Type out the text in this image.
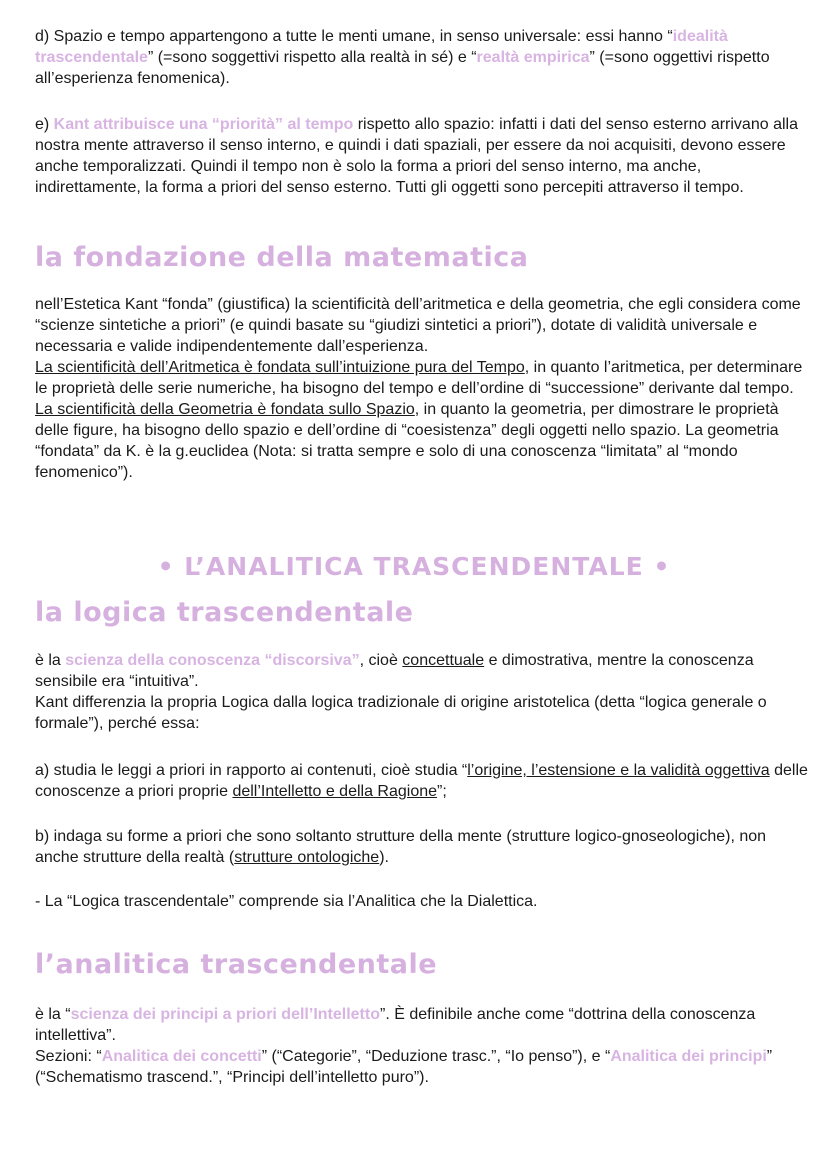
d) Spazio e tempo appartengono a tutte le menti umane, in senso universale: essi hanno “idealità trascendentale” (=sono soggettivi rispetto alla realtà in sé) e “realtà empirica” (=sono oggettivi rispetto all’esperienza fenomenica).
e) Kant attribuisce una “priorità” al tempo rispetto allo spazio: infatti i dati del senso esterno arrivano alla nostra mente attraverso il senso interno, e quindi i dati spaziali, per essere da noi acquisiti, devono essere anche temporalizzati. Quindi il tempo non è solo la forma a priori del senso interno, ma anche, indirettamente, la forma a priori del senso esterno. Tutti gli oggetti sono percepiti attraverso il tempo.
la fondazione della matematica
nell’Estetica Kant “fonda” (giustifica) la scientificità dell’aritmetica e della geometria, che egli considera come “scienze sintetiche a priori” (e quindi basate su “giudizi sintetici a priori”), dotate di validità universale e necessaria e valide indipendentemente dall’esperienza.
La scientificità dell’Aritmetica è fondata sull’intuizione pura del Tempo, in quanto l’aritmetica, per determinare le proprietà delle serie numeriche, ha bisogno del tempo e dell’ordine di “successione” derivante dal tempo.
La scientificità della Geometria è fondata sullo Spazio, in quanto la geometria, per dimostrare le proprietà delle figure, ha bisogno dello spazio e dell’ordine di “coesistenza” degli oggetti nello spazio. La geometria “fondata” da K. è la g.euclidea (Nota: si tratta sempre e solo di una conoscenza “limitata” al “mondo fenomenico”).
• L’ANALITICA TRASCENDENTALE •
la logica trascendentale
è la scienza della conoscenza “discorsiva”, cioè concettuale e dimostrativa, mentre la conoscenza sensibile era “intuitiva”.
Kant differenzia la propria Logica dalla logica tradizionale di origine aristotelica (detta “logica generale o formale”), perché essa:
a) studia le leggi a priori in rapporto ai contenuti, cioè studia “l’origine, l’estensione e la validità oggettiva delle conoscenze a priori proprie dell’Intelletto e della Ragione”;
b) indaga su forme a priori che sono soltanto strutture della mente (strutture logico-gnoseologiche), non anche strutture della realtà (strutture ontologiche).
- La “Logica trascendentale” comprende sia l’Analitica che la Dialettica.
l’analitica trascendentale
è la “scienza dei principi a priori dell’Intelletto”. È definibile anche come “dottrina della conoscenza intellettiva”.
Sezioni: “Analitica dei concetti” (“Categorie”, “Deduzione trasc.”, “Io penso”), e “Analitica dei principi” (“Schematismo trascend.”, “Principi dell’intelletto puro”).
